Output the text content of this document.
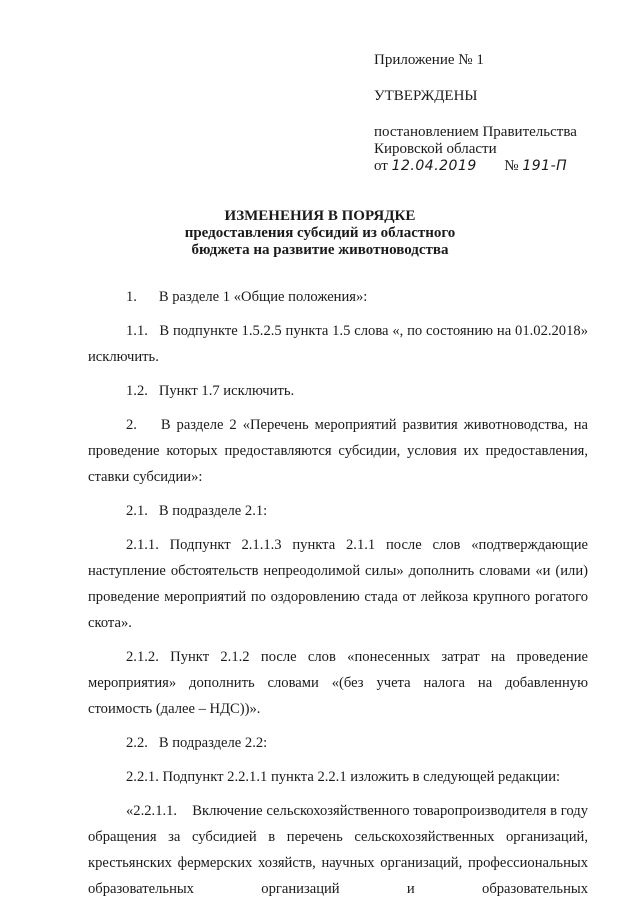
Приложение № 1
УТВЕРЖДЕНЫ
постановлением Правительства
Кировской области
от 12.04.2019 № 191-П
ИЗМЕНЕНИЯ В ПОРЯДКЕ
предоставления субсидий из областного
бюджета на развитие животноводства
1.      В разделе 1 «Общие положения»:
1.1.   В подпункте 1.5.2.5 пункта 1.5 слова «, по состоянию на 01.02.2018» исключить.
1.2.   Пункт 1.7 исключить.
2.    В разделе 2 «Перечень мероприятий развития животноводства, на проведение которых предоставляются субсидии, условия их предоставления, ставки субсидии»:
2.1.   В подразделе 2.1:
2.1.1. Подпункт 2.1.1.3 пункта 2.1.1 после слов «подтверждающие наступление обстоятельств непреодолимой силы» дополнить словами «и (или) проведение мероприятий по оздоровлению стада от лейкоза крупного рогатого скота».
2.1.2. Пункт 2.1.2 после слов «понесенных затрат на проведение мероприятия» дополнить словами «(без учета налога на добавленную стоимость (далее – НДС))».
2.2.   В подразделе 2.2:
2.2.1. Подпункт 2.2.1.1 пункта 2.2.1 изложить в следующей редакции:
«2.2.1.1.    Включение сельскохозяйственного товаропроизводителя в году обращения за субсидией в перечень сельскохозяйственных организаций, крестьянских фермерских хозяйств, научных организаций, профессиональных образовательных организаций и образовательных
